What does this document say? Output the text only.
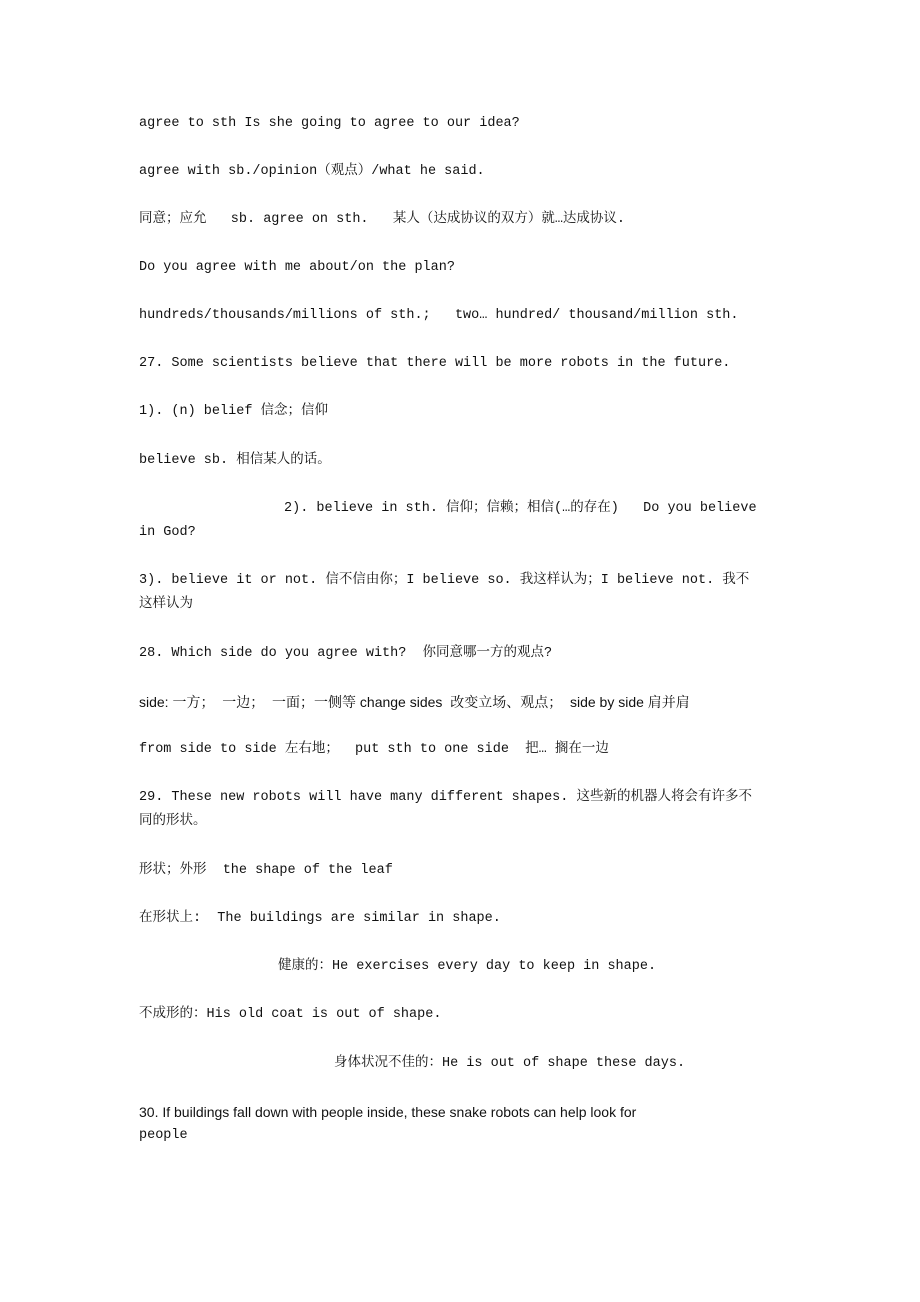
agree to sth Is she going to agree to our idea?
agree with sb./opinion（观点）/what he said.
同意；应允   sb. agree on sth.   某人（达成协议的双方）就…达成协议.
Do you agree with me about/on the plan?
hundreds/thousands/millions of sth.;   two… hundred/ thousand/million sth.
27. Some scientists believe that there will be more robots in the future.
1). (n) belief 信念；信仰
believe sb. 相信某人的话。
2). believe in sth. 信仰；信赖；相信(…的存在)   Do you believe
in God?
3). believe it or not. 信不信由你；I believe so. 我这样认为；I believe not. 我不
这样认为
28. Which side do you agree with?  你同意哪一方的观点?
side: 一方；  一边；  一面；一侧等 change sides  改变立场、观点；  side by side 肩并肩
from side to side 左右地；  put sth to one side  把… 搁在一边
29. These new robots will have many different shapes. 这些新的机器人将会有许多不
同的形状。
形状；外形  the shape of the leaf
在形状上:  The buildings are similar in shape.
健康的：He exercises every day to keep in shape.
不成形的：His old coat is out of shape.
身体状况不佳的：He is out of shape these days.
30. If buildings fall down with people inside, these snake robots can help look for
people
